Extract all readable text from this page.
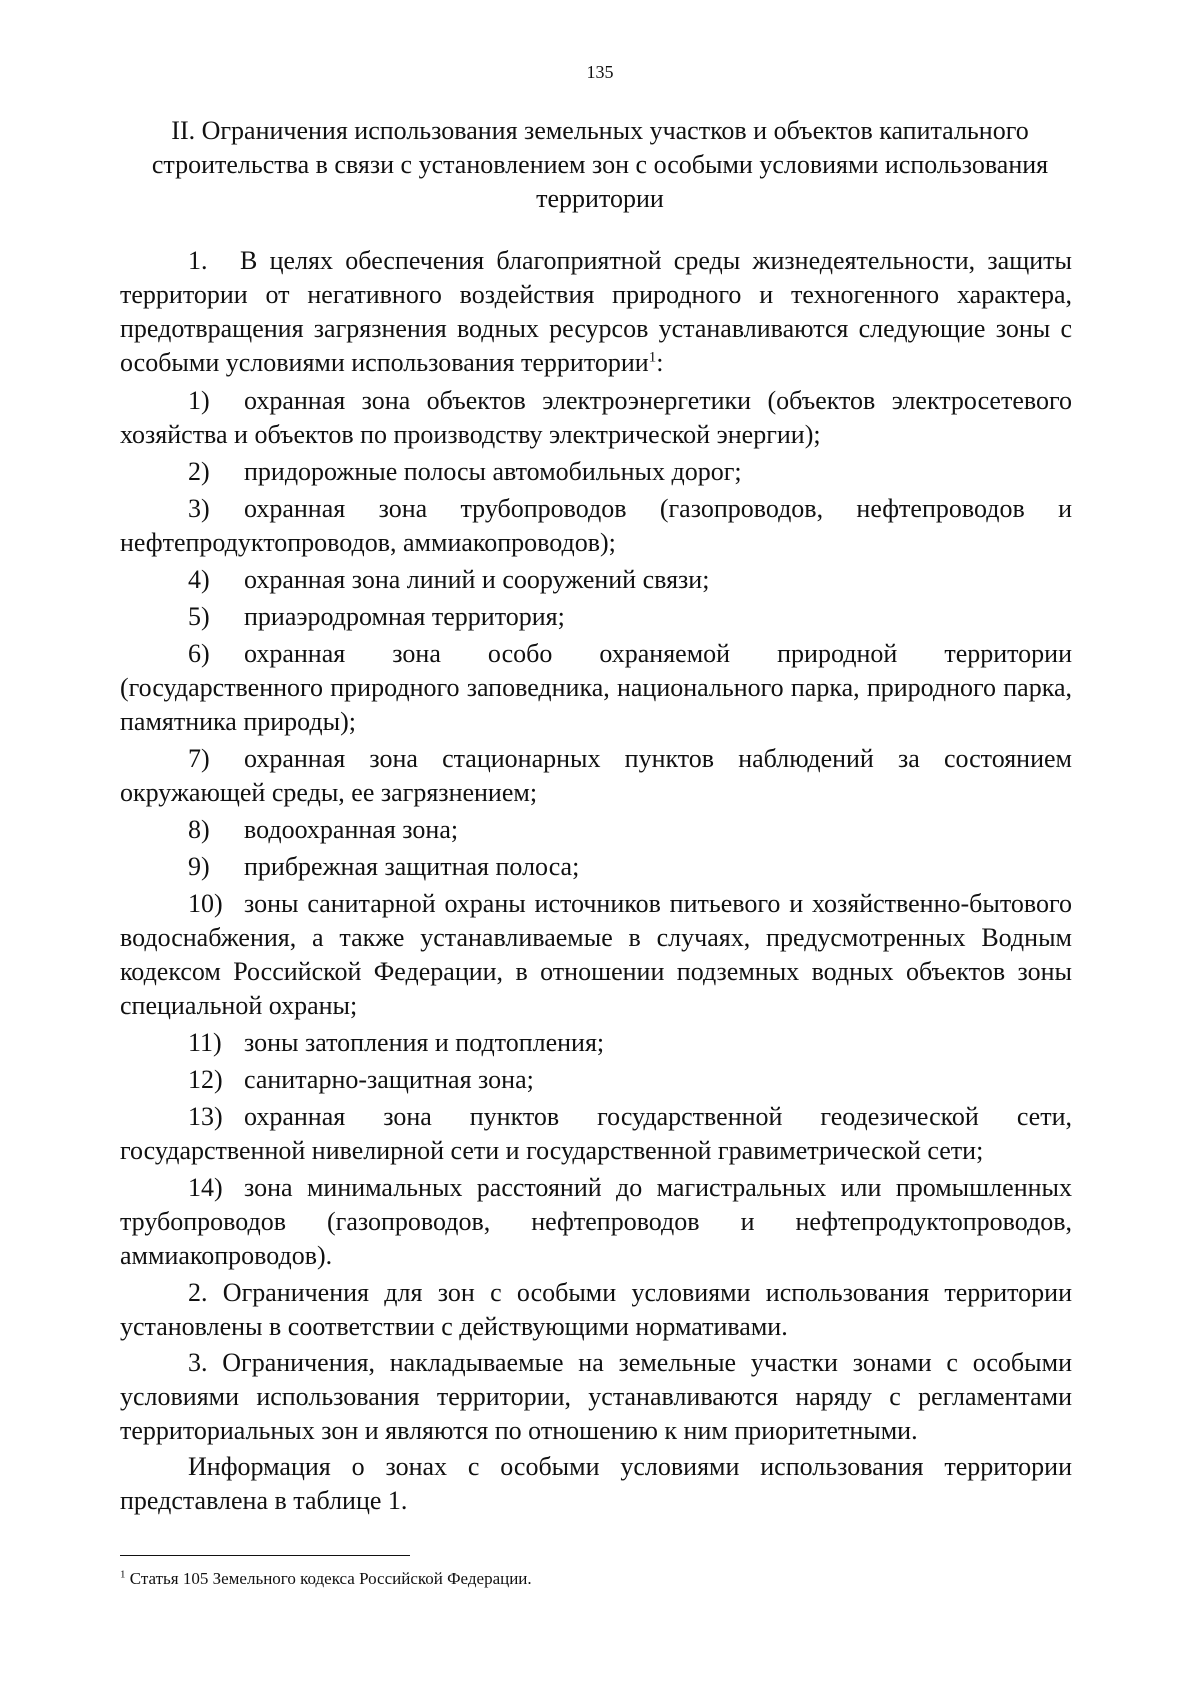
135
II. Ограничения использования земельных участков и объектов капитального
строительства в связи с установлением зон с особыми условиями использования
территории

1. В целях обеспечения благоприятной среды жизнедеятельности, защиты территории от негативного воздействия природного и техногенного характера, предотвращения загрязнения водных ресурсов устанавливаются следующие зоны с особыми условиями использования территории$^1$:

1) охранная зона объектов электроэнергетики (объектов электросетевого хозяйства и объектов по производству электрической энергии);

2) придорожные полосы автомобильных дорог;

3) охранная зона трубопроводов (газопроводов, нефтепроводов и нефтепродуктопроводов, аммиакопроводов);

4) охранная зона линий и сооружений связи;

5) приаэродромная территория;

6) охранная зона особо охраняемой природной территории (государственного природного заповедника, национального парка, природного парка, памятника природы);

7) охранная зона стационарных пунктов наблюдений за состоянием окружающей среды, ее загрязнением;

8) водоохранная зона;

9) прибрежная защитная полоса;

10) зоны санитарной охраны источников питьевого и хозяйственно-бытового водоснабжения, а также устанавливаемые в случаях, предусмотренных Водным кодексом Российской Федерации, в отношении подземных водных объектов зоны специальной охраны;

11) зоны затопления и подтопления;

12) санитарно-защитная зона;

13) охранная зона пунктов государственной геодезической сети, государственной нивелирной сети и государственной гравиметрической сети;

14) зона минимальных расстояний до магистральных или промышленных трубопроводов (газопроводов, нефтепроводов и нефтепродуктопроводов, аммиакопроводов).

2. Ограничения для зон с особыми условиями использования территории установлены в соответствии с действующими нормативами.

3. Ограничения, накладываемые на земельные участки зонами с особыми условиями использования территории, устанавливаются наряду с регламентами территориальных зон и являются по отношению к ним приоритетными.

Информация о зонах с особыми условиями использования территории представлена в таблице 1.

$^1$ Статья 105 Земельного кодекса Российской Федерации.
